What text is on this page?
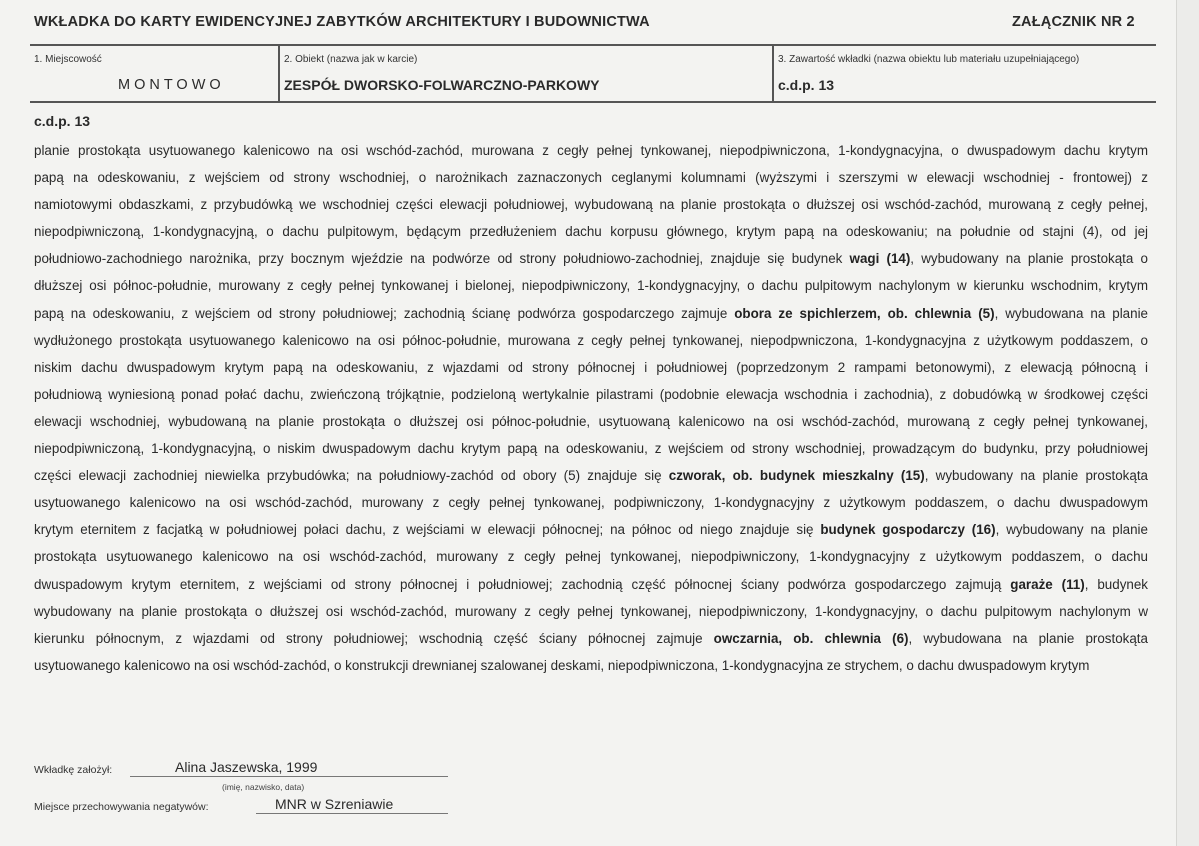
WKŁADKA DO KARTY EWIDENCYJNEJ ZABYTKÓW ARCHITEKTURY I BUDOWNICTWA	ZAŁĄCZNIK NR 2
1. Miejscowość
MONTOWO
2. Obiekt (nazwa jak w karcie)
ZESPÓŁ DWORSKO-FOLWARCZNO-PARKOWY
3. Zawartość wkładki (nazwa obiektu lub materiału uzupełniającego)
c.d.p. 13
c.d.p. 13
planie prostokąta usytuowanego kalenicowo na osi wschód-zachód, murowana z cegły pełnej tynkowanej, niepodpiwniczona, 1-kondygnacyjna, o dwuspadowym dachu krytym
papą na odeskowaniu, z wejściem od strony wschodniej, o narożnikach zaznaczonych ceglanymi kolumnami (wyższymi i szerszymi w elewacji wschodniej - frontowej) z
namiotowymi obdaszkami, z przybudówką we wschodniej części elewacji południowej, wybudowaną na planie prostokąta o dłuższej osi wschód-zachód, murowaną z cegły pełnej,
niepodpiwniczoną, 1-kondygnacyjną, o dachu pulpitowym, będącym przedłużeniem dachu korpusu głównego, krytym papą na odeskowaniu; na południe od stajni (4), od jej
południowo-zachodniego narożnika, przy bocznym wjeździe na podwórze od strony południowo-zachodniej, znajduje się budynek wagi (14), wybudowany na planie prostokąta o
dłuższej osi północ-południe, murowany z cegły pełnej tynkowanej i bielonej, niepodpiwniczony, 1-kondygnacyjny, o dachu pulpitowym nachylonym w kierunku wschodnim, krytym
papą na odeskowaniu, z wejściem od strony południowej; zachodnią ścianę podwórza gospodarczego zajmuje obora ze spichlerzem, ob. chlewnia (5), wybudowana na planie
wydłużonego prostokąta usytuowanego kalenicowo na osi północ-południe, murowana z cegły pełnej tynkowanej, niepodpwniczona, 1-kondygnacyjna z użytkowym poddaszem, o
niskim dachu dwuspadowym krytym papą na odeskowaniu, z wjazdami od strony północnej i południowej (poprzedzonym 2 rampami betonowymi), z elewacją północną i
południową wyniesioną ponad połać dachu, zwieńczoną trójkątnie, podzieloną wertykalnie pilastrami (podobnie elewacja wschodnia i zachodnia), z dobudówką w środkowej części
elewacji wschodniej, wybudowaną na planie prostokąta o dłuższej osi północ-południe, usytuowaną kalenicowo na osi wschód-zachód, murowaną z cegły pełnej tynkowanej,
niepodpiwniczoną, 1-kondygnacyjną, o niskim dwuspadowym dachu krytym papą na odeskowaniu, z wejściem od strony wschodniej, prowadzącym do budynku, przy południowej
części elewacji zachodniej niewielka przybudówka; na południowy-zachód od obory (5) znajduje się czworak, ob. budynek mieszkalny (15), wybudowany na planie prostokąta
usytuowanego kalenicowo na osi wschód-zachód, murowany z cegły pełnej tynkowanej, podpiwniczony, 1-kondygnacyjny z użytkowym poddaszem, o dachu dwuspadowym
krytym eternitem z facjatką w południowej połaci dachu, z wejściami w elewacji północnej; na północ od niego znajduje się budynek gospodarczy (16), wybudowany na planie
prostokąta usytuowanego kalenicowo na osi wschód-zachód, murowany z cegły pełnej tynkowanej, niepodpiwniczony, 1-kondygnacyjny z użytkowym poddaszem, o dachu
dwuspadowym krytym eternitem, z wejściami od strony północnej i południowej; zachodnią część północnej ściany podwórza gospodarczego zajmują garaże (11), budynek
wybudowany na planie prostokąta o dłuższej osi wschód-zachód, murowany z cegły pełnej tynkowanej, niepodpiwniczony, 1-kondygnacyjny, o dachu pulpitowym nachylonym w
kierunku północnym, z wjazdami od strony południowej; wschodnią część ściany północnej zajmuje owczarnia, ob. chlewnia (6), wybudowana na planie prostokąta
usytuowanego kalenicowo na osi wschód-zachód, o konstrukcji drewnianej szalowanej deskami, niepodpiwniczona, 1-kondygnacyjna ze strychem, o dachu dwuspadowym krytym
Wkładkę założył:	Alina Jaszewska, 1999
(imię, nazwisko, data)
Miejsce przechowywania negatywów:	MNR w Szreniawie
